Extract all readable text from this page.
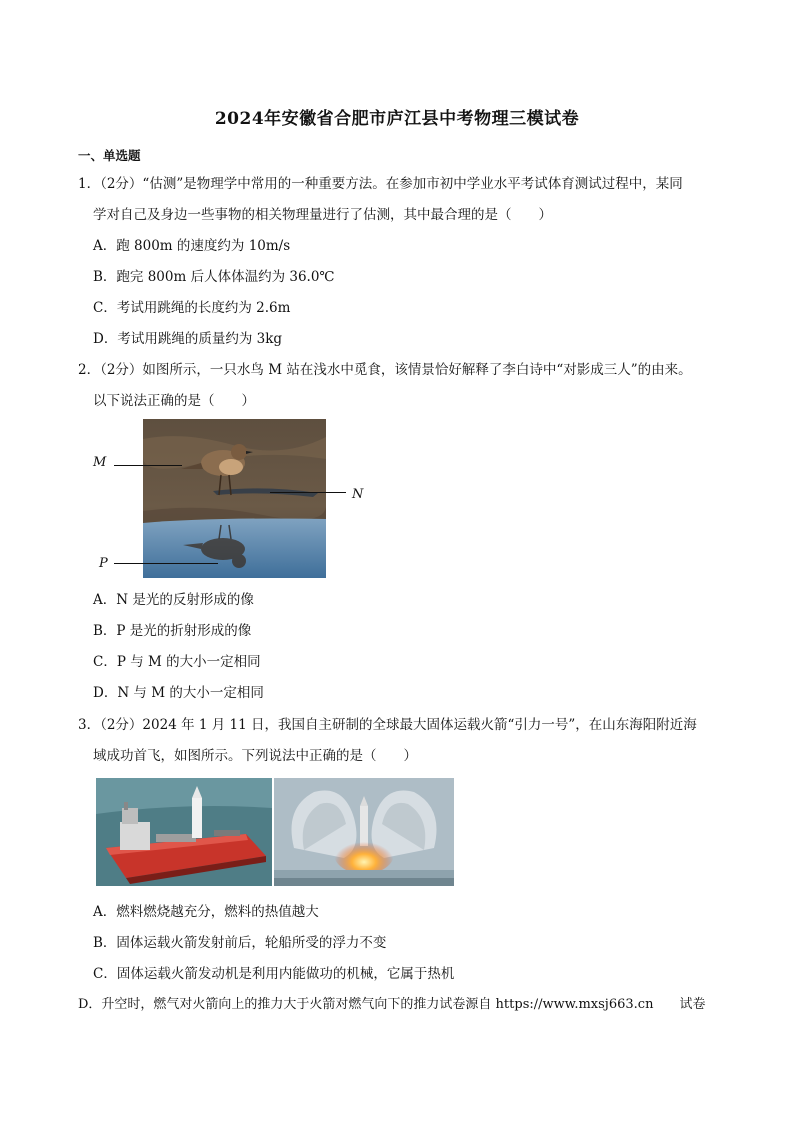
2024年安徽省合肥市庐江县中考物理三模试卷
一、单选题
1．（2分）“估测”是物理学中常用的一种重要方法。在参加市初中学业水平考试体育测试过程中，某同
学对自己及身边一些事物的相关物理量进行了估测，其中最合理的是（　　）
A．跑 800m 的速度约为 10m/s
B．跑完 800m 后人体体温约为 36.0℃
C．考试用跳绳的长度约为 2.6m
D．考试用跳绳的质量约为 3kg
2．（2分）如图所示，一只水鸟 M 站在浅水中觅食，该情景恰好解释了李白诗中“对影成三人”的由来。
以下说法正确的是（　　）
M
N
P
A．N 是光的反射形成的像
B．P 是光的折射形成的像
C．P 与 M 的大小一定相同
D．N 与 M 的大小一定相同
3．（2分）2024 年 1 月 11 日，我国自主研制的全球最大固体运载火箭“引力一号”，在山东海阳附近海
域成功首飞，如图所示。下列说法中正确的是（　　）
A．燃料燃烧越充分，燃料的热值越大
B．固体运载火箭发射前后，轮船所受的浮力不变
C．固体运载火箭发动机是利用内能做功的机械，它属于热机
D．升空时，燃气对火箭向上的推力大于火箭对燃气向下的推力试卷源自 https://www.mxsj663.cn　　试卷
